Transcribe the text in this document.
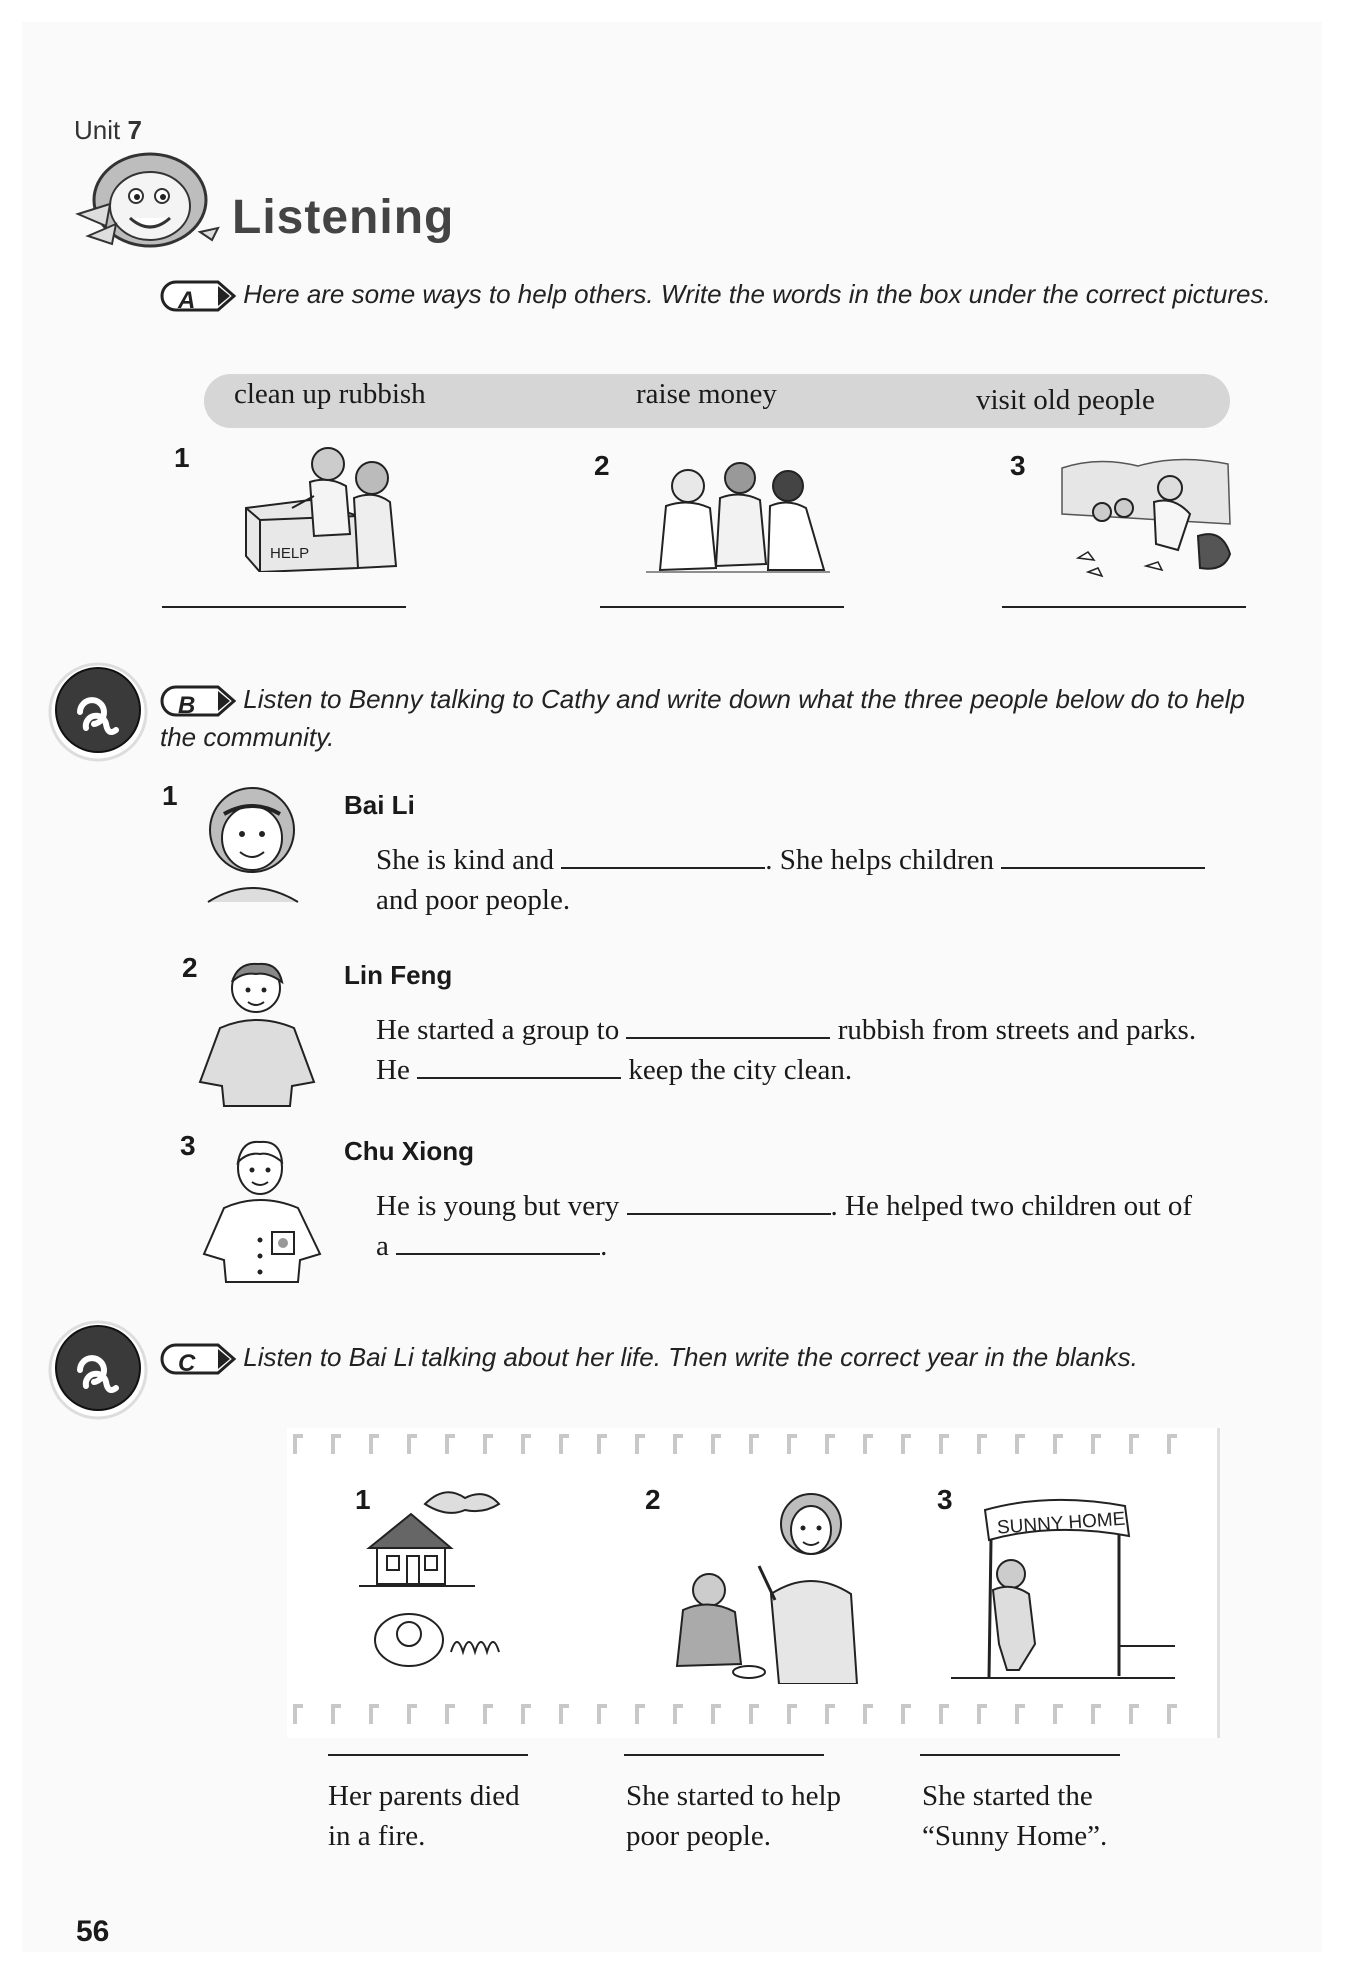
Unit 7
Listening
A Here are some ways to help others. Write the words in the box under the correct pictures.
clean up rubbish	raise money	visit old people
1	2	3
HELP
B Listen to Benny talking to Cathy and write down what the three people below do to help the community.
1	Bai Li
She is kind and	. She helps children
and poor people.
2	Lin Feng
He started a group to	rubbish from streets and parks.
He	keep the city clean.
3	Chu Xiong
He is young but very	. He helped two children out of
a	.
C Listen to Bai Li talking about her life. Then write the correct year in the blanks.
1	2	3
SUNNY HOME
Her parents died
in a fire.
She started to help
poor people.
She started the
“Sunny Home”.
56
